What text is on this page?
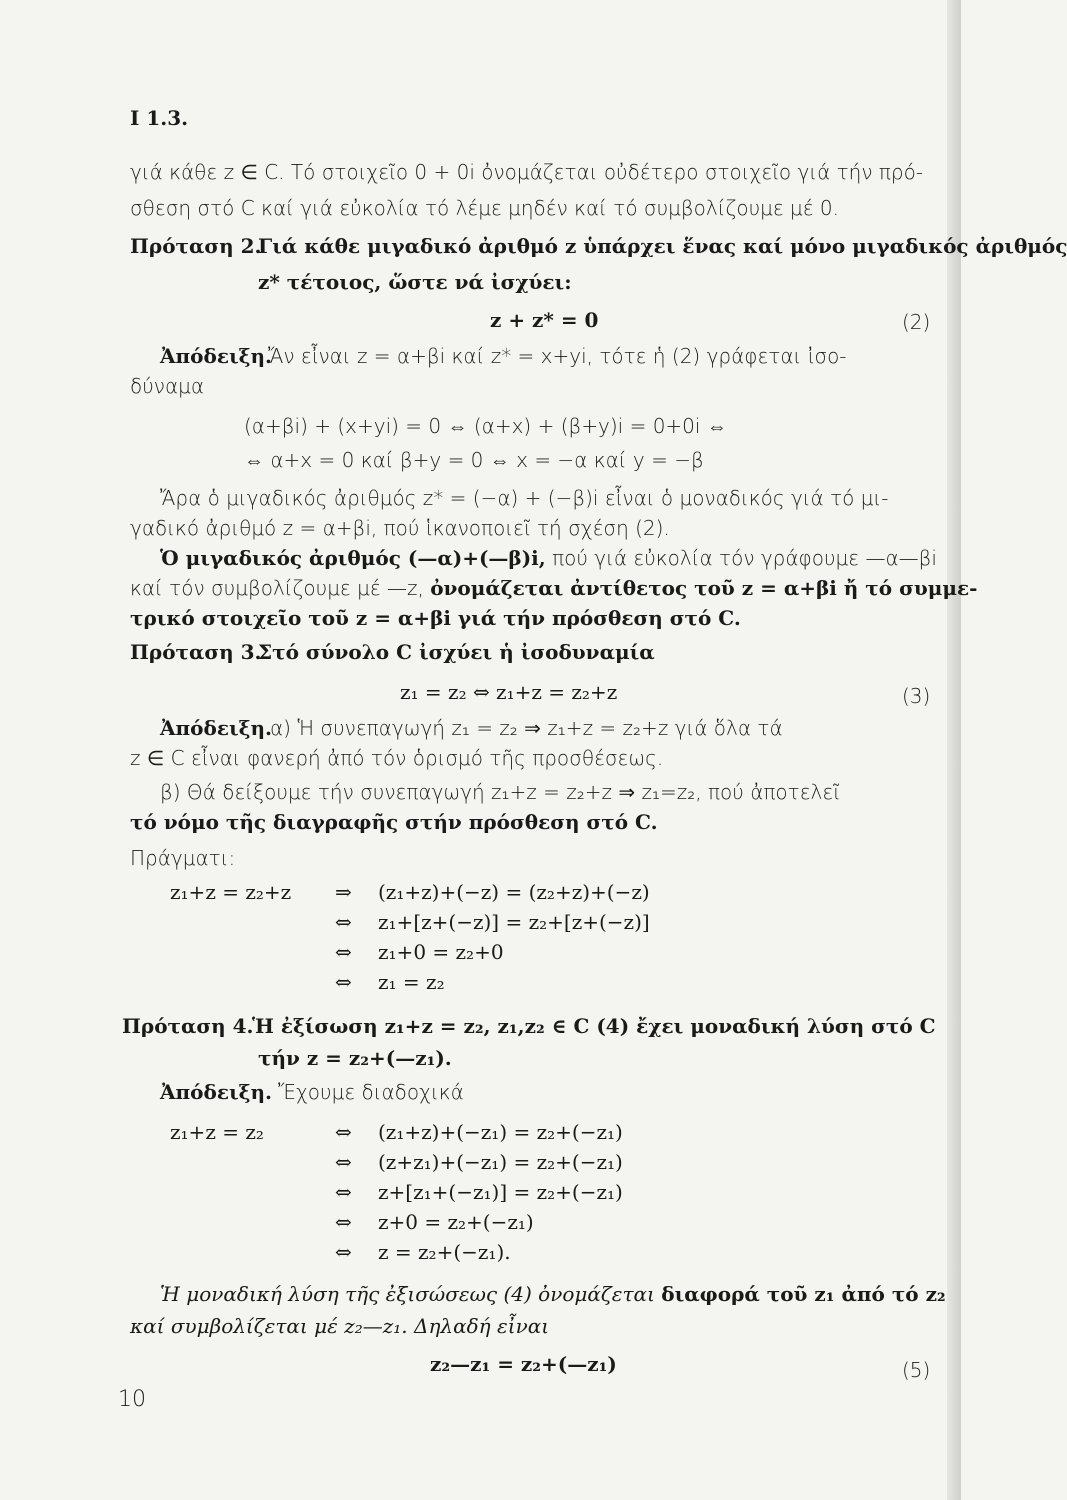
Ι 1.3.
γιά κάθε z ∈ C. Τό στοιχεῖο 0 + 0i ὀνομάζεται οὐδέτερο στοιχεῖο γιά τήν πρό-
σθεση στό C καί γιά εὐκολία τό λέμε μηδέν καί τό συμβολίζουμε μέ 0.
Πρόταση 2.
Γιά κάθε μιγαδικό ἀριθμό z ὑπάρχει ἕνας καί μόνο μιγαδικός ἀριθμός
z* τέτοιος, ὥστε νά ἰσχύει:
z + z* = 0	(2)
Ἀπόδειξη.
Ἄν εἶναι z = α+βi καί z* = x+yi, τότε ἡ (2) γράφεται ἰσο-
δύναμα
(α+βi) + (x+yi) = 0 ⇔ (α+x) + (β+y)i = 0+0i ⇔
⇔ α+x = 0 καί β+y = 0 ⇔ x = −α καί y = −β
Ἄρα ὁ μιγαδικός ἀριθμός z* = (−α) + (−β)i εἶναι ὁ μοναδικός γιά τό μι-
γαδικό ἀριθμό z = α+βi, πού ἱκανοποιεῖ τή σχέση (2).
Ὁ μιγαδικός ἀριθμός (—α)+(—β)i, πού γιά εὐκολία τόν γράφουμε —α—βi
καί τόν συμβολίζουμε μέ —z, ὀνομάζεται ἀντίθετος τοῦ z = α+βi ἤ τό συμμε-
τρικό στοιχεῖο τοῦ z = α+βi γιά τήν πρόσθεση στό C.
Πρόταση 3.
Στό σύνολο C ἰσχύει ἡ ἰσοδυναμία
z₁ = z₂ ⇔ z₁+z = z₂+z	(3)
Ἀπόδειξη.
α) Ἡ συνεπαγωγή z₁ = z₂ ⇒ z₁+z = z₂+z γιά ὅλα τά
z ∈ C εἶναι φανερή ἀπό τόν ὁρισμό τῆς προσθέσεως.
β) Θά δείξουμε τήν συνεπαγωγή z₁+z = z₂+z ⇒ z₁=z₂, πού ἀποτελεῖ
τό νόμο τῆς διαγραφῆς στήν πρόσθεση στό C.
Πράγματι:
z₁+z = z₂+z ⇒ (z₁+z)+(−z) = (z₂+z)+(−z)
⇔ z₁+[z+(−z)] = z₂+[z+(−z)]
⇔ z₁+0 = z₂+0
⇔ z₁ = z₂
Πρόταση 4.
Ἡ ἐξίσωση z₁+z = z₂, z₁,z₂ ∈ C (4) ἔχει μοναδική λύση στό C
τήν z = z₂+(—z₁).
Ἀπόδειξη. Ἔχουμε διαδοχικά
z₁+z = z₂	⇔ (z₁+z)+(−z₁) = z₂+(−z₁)
⇔ (z+z₁)+(−z₁) = z₂+(−z₁)
⇔ z+[z₁+(−z₁)] = z₂+(−z₁)
⇔ z+0 = z₂+(−z₁)
⇔ z = z₂+(−z₁).
Ἡ μοναδική λύση τῆς ἐξισώσεως (4) ὀνομάζεται διαφορά τοῦ z₁ ἀπό τό z₂
καί συμβολίζεται μέ z₂—z₁. Δηλαδή εἶναι
z₂—z₁ = z₂+(—z₁)	(5)
10
